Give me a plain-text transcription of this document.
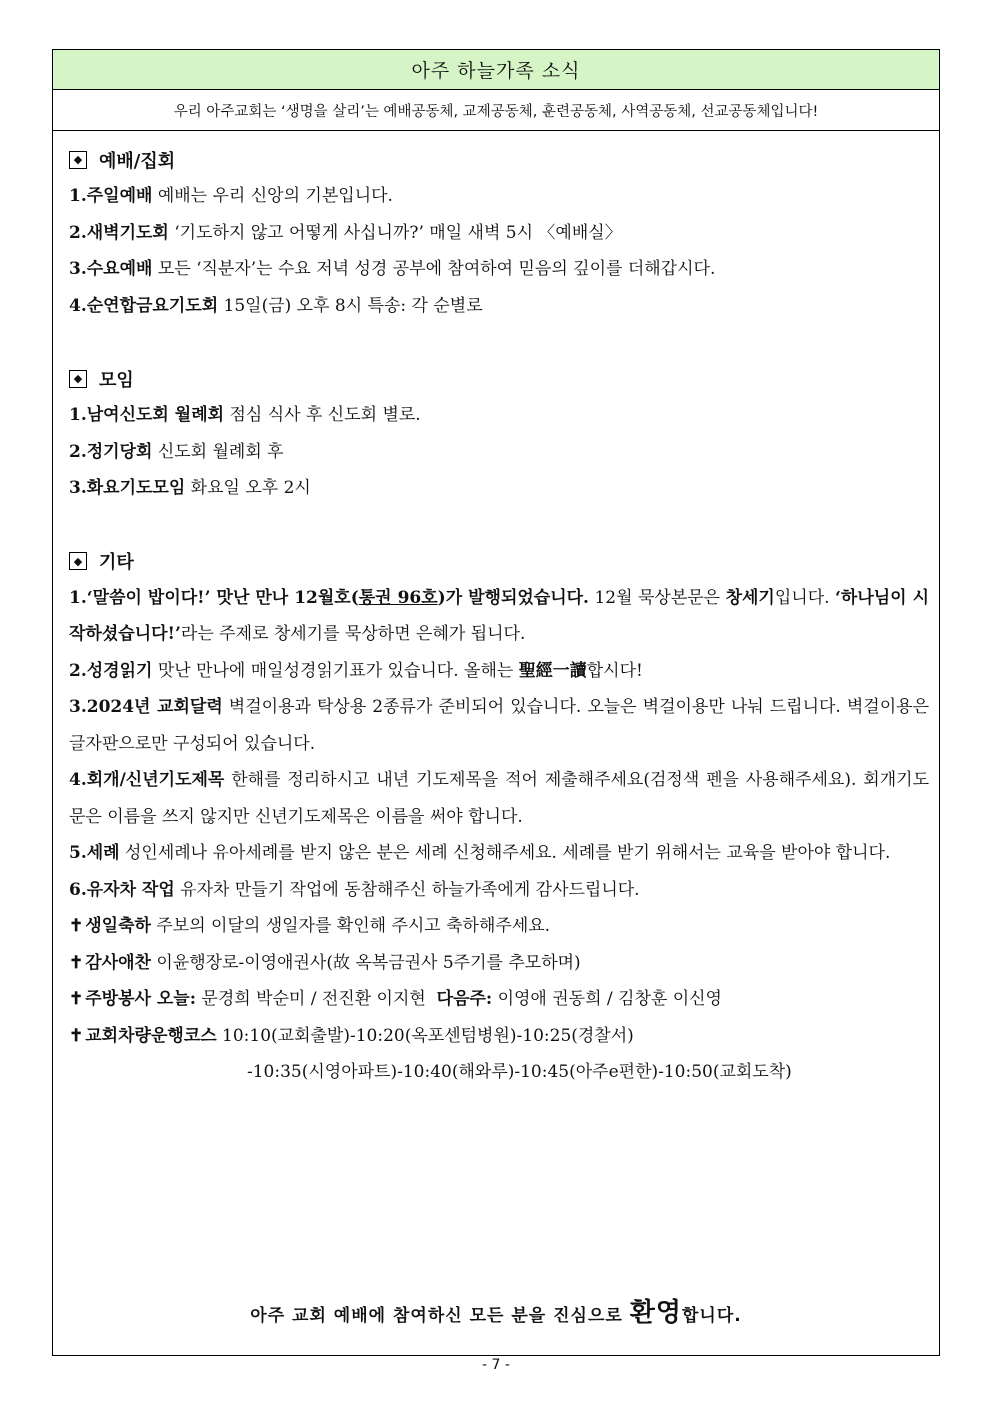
아주 하늘가족 소식
우리 아주교회는 ‘생명을 살리’는 예배공동체, 교제공동체, 훈련공동체, 사역공동체, 선교공동체입니다!
◆ 예배/집회
1.주일예배 예배는 우리 신앙의 기본입니다.
2.새벽기도회 ‘기도하지 않고 어떻게 사십니까?’ 매일 새벽 5시 〈예배실〉
3.수요예배 모든 ‘직분자’는 수요 저녁 성경 공부에 참여하여 믿음의 깊이를 더해갑시다.
4.순연합금요기도회 15일(금) 오후 8시 특송: 각 순별로
◆ 모임
1.남여신도회 월례회 점심 식사 후 신도회 별로.
2.정기당회 신도회 월례회 후
3.화요기도모임 화요일 오후 2시
◆ 기타
1.‘말씀이 밥이다!’ 맛난 만나 12월호(통권 96호)가 발행되었습니다. 12월 묵상본문은 창세기입니다. ‘하나님이 시작하셨습니다!’라는 주제로 창세기를 묵상하면 은혜가 됩니다.
2.성경읽기 맛난 만나에 매일성경읽기표가 있습니다. 올해는 聖經一讀합시다!
3.2024년 교회달력 벽걸이용과 탁상용 2종류가 준비되어 있습니다. 오늘은 벽걸이용만 나눠 드립니다. 벽걸이용은 글자판으로만 구성되어 있습니다.
4.회개/신년기도제목 한해를 정리하시고 내년 기도제목을 적어 제출해주세요(검정색 펜을 사용해주세요). 회개기도문은 이름을 쓰지 않지만 신년기도제목은 이름을 써야 합니다.
5.세례 성인세례나 유아세례를 받지 않은 분은 세례 신청해주세요. 세례를 받기 위해서는 교육을 받아야 합니다.
6.유자차 작업 유자차 만들기 작업에 동참해주신 하늘가족에게 감사드립니다.
✝ 생일축하 주보의 이달의 생일자를 확인해 주시고 축하해주세요.
✝ 감사애찬 이윤행장로-이영애권사(故 옥복금권사 5주기를 추모하며)
✝ 주방봉사 오늘: 문경희 박순미 / 전진환 이지현 다음주: 이영애 권동희 / 김창훈 이신영
✝ 교회차량운행코스 10:10(교회출발)-10:20(옥포센텀병원)-10:25(경찰서)
-10:35(시영아파트)-10:40(해와루)-10:45(아주e편한)-10:50(교회도착)
아주 교회 예배에 참여하신 모든 분을 진심으로 환영합니다.
- 7 -
